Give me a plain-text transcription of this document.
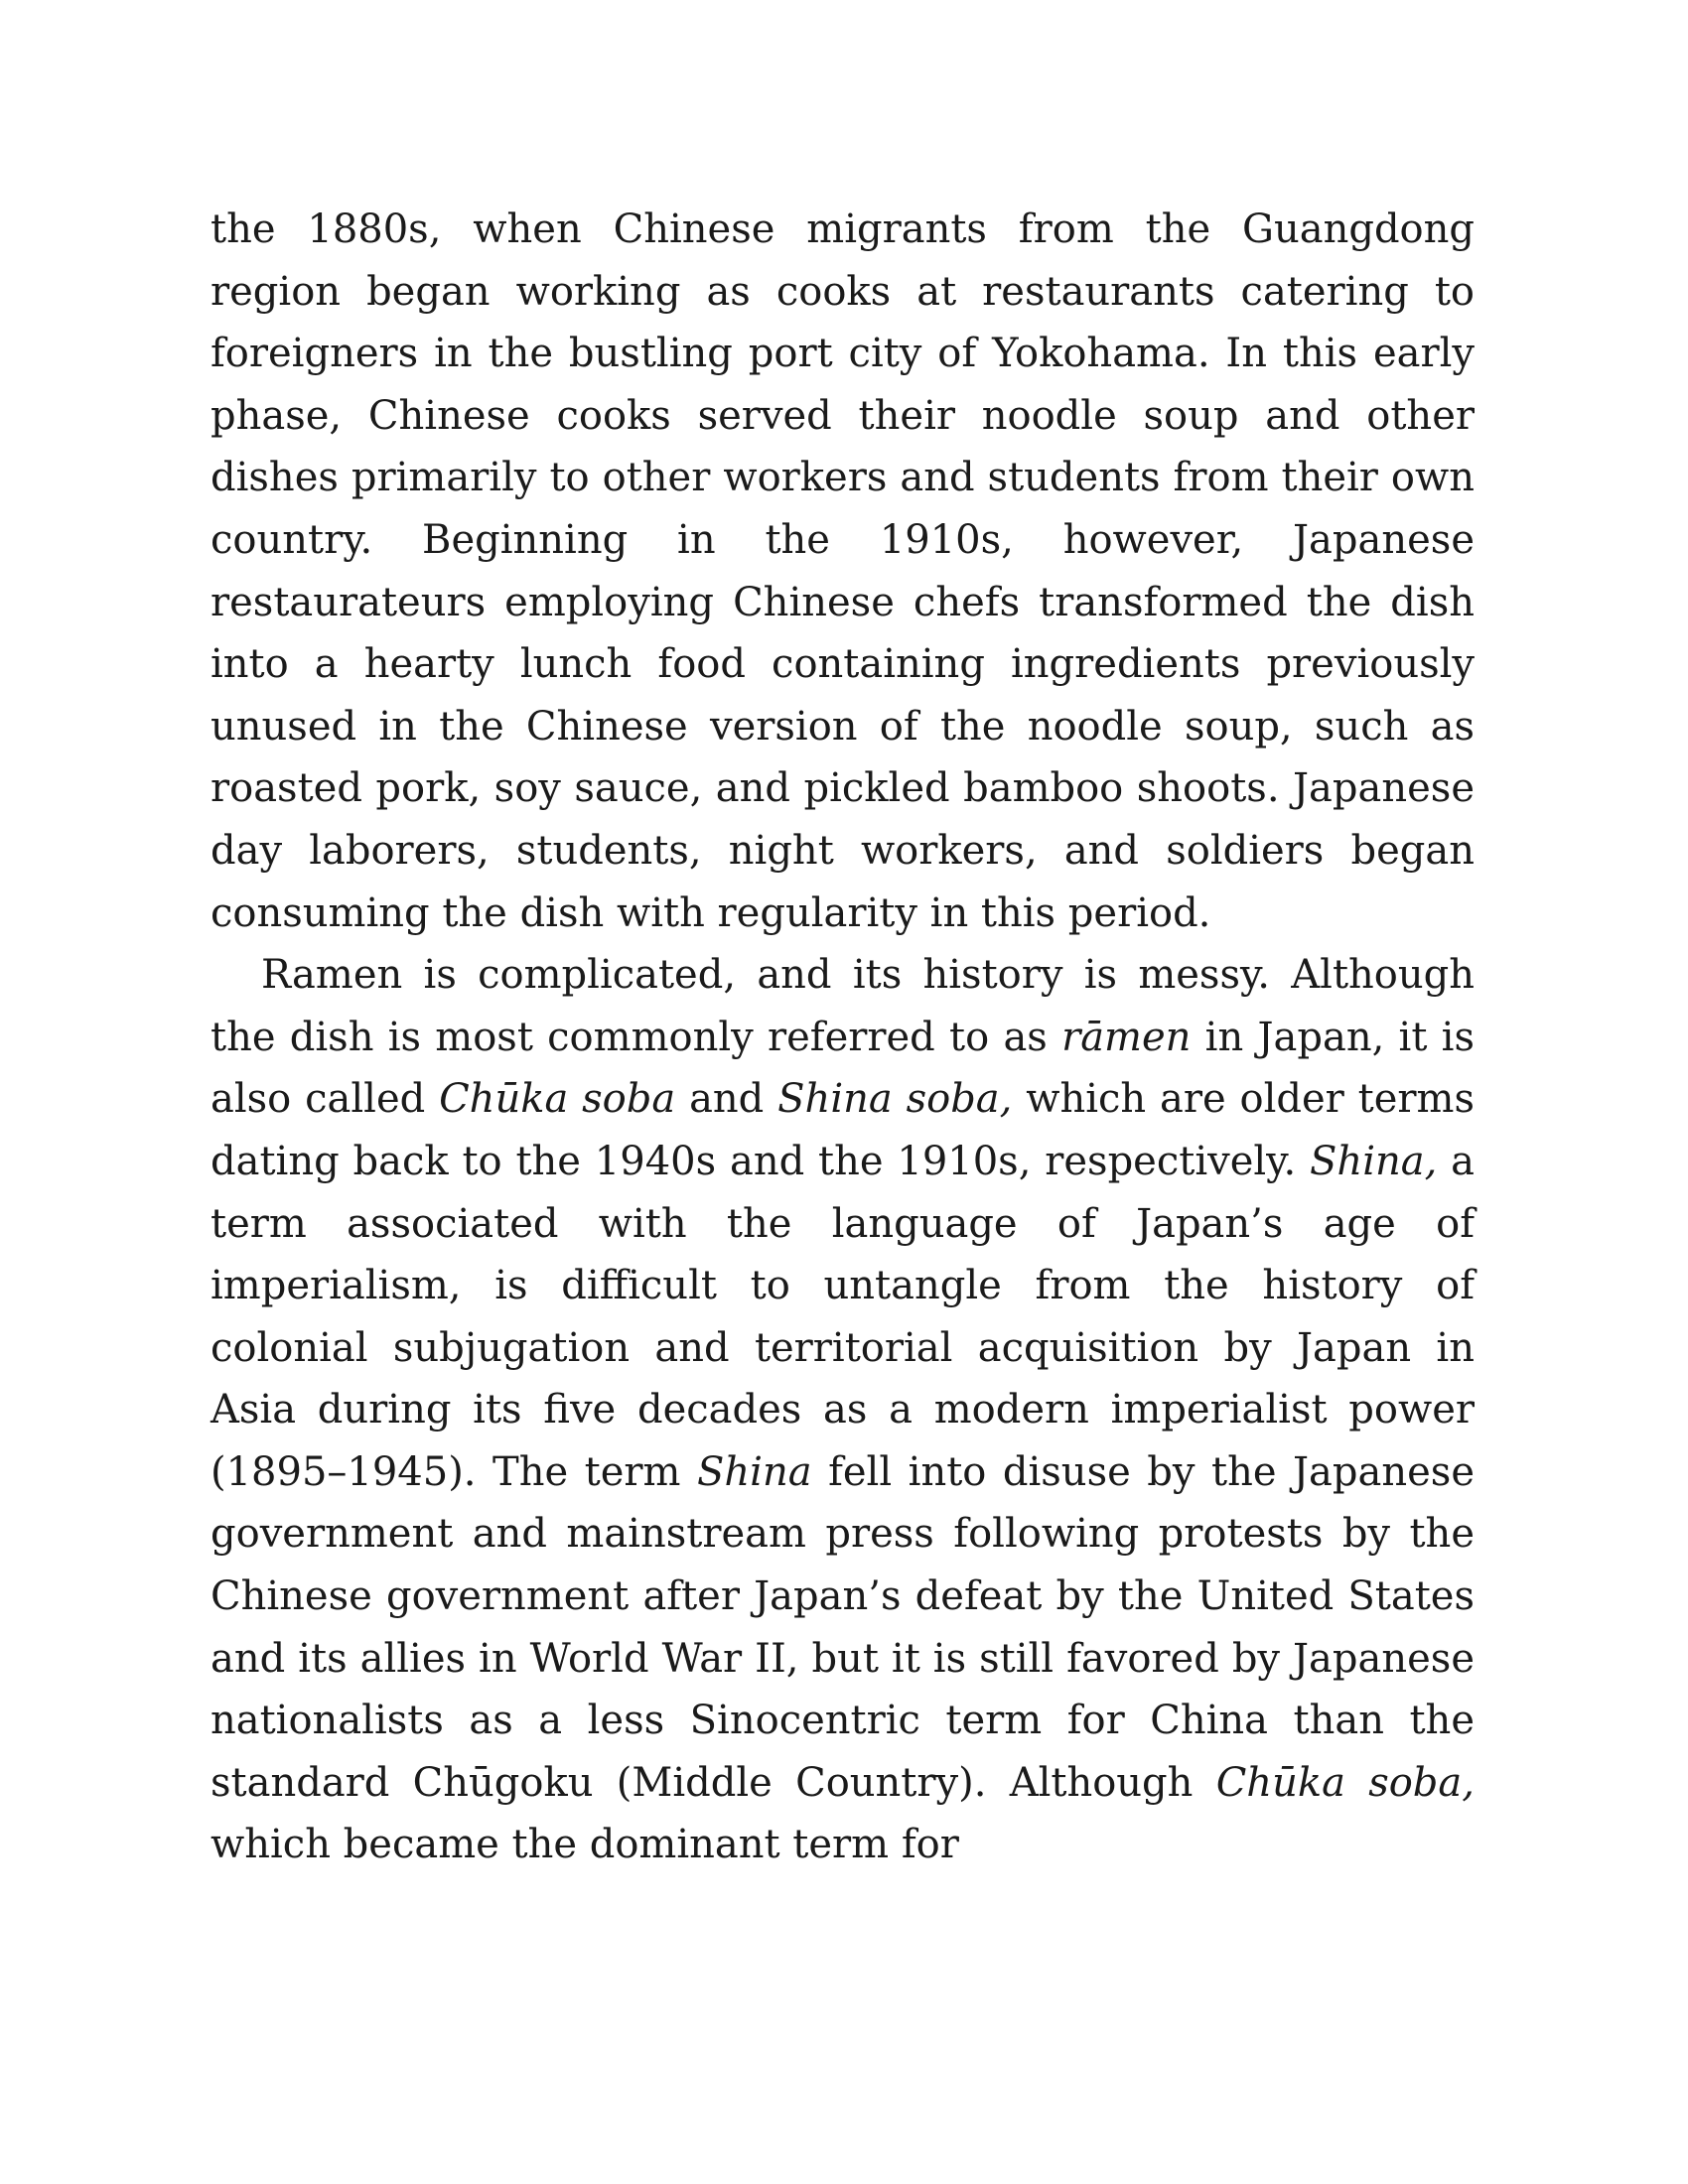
the 1880s, when Chinese migrants from the Guangdong region began working as cooks at restaurants catering to foreigners in the bustling port city of Yokohama. In this early phase, Chinese cooks served their noodle soup and other dishes primarily to other workers and students from their own country. Beginning in the 1910s, however, Japanese restaurateurs employing Chinese chefs transformed the dish into a hearty lunch food containing ingredients previously unused in the Chinese version of the noodle soup, such as roasted pork, soy sauce, and pickled bamboo shoots. Japanese day laborers, students, night workers, and soldiers began consuming the dish with regularity in this period.

Ramen is complicated, and its history is messy. Although the dish is most commonly referred to as rāmen in Japan, it is also called Chūka soba and Shina soba, which are older terms dating back to the 1940s and the 1910s, respectively. Shina, a term associated with the language of Japan’s age of imperialism, is difficult to untangle from the history of colonial subjugation and territorial acquisition by Japan in Asia during its five decades as a modern imperialist power (1895–1945). The term Shina fell into disuse by the Japanese government and mainstream press following protests by the Chinese government after Japan’s defeat by the United States and its allies in World War II, but it is still favored by Japanese nationalists as a less Sinocentric term for China than the standard Chūgoku (Middle Country). Although Chūka soba, which became the dominant term for
